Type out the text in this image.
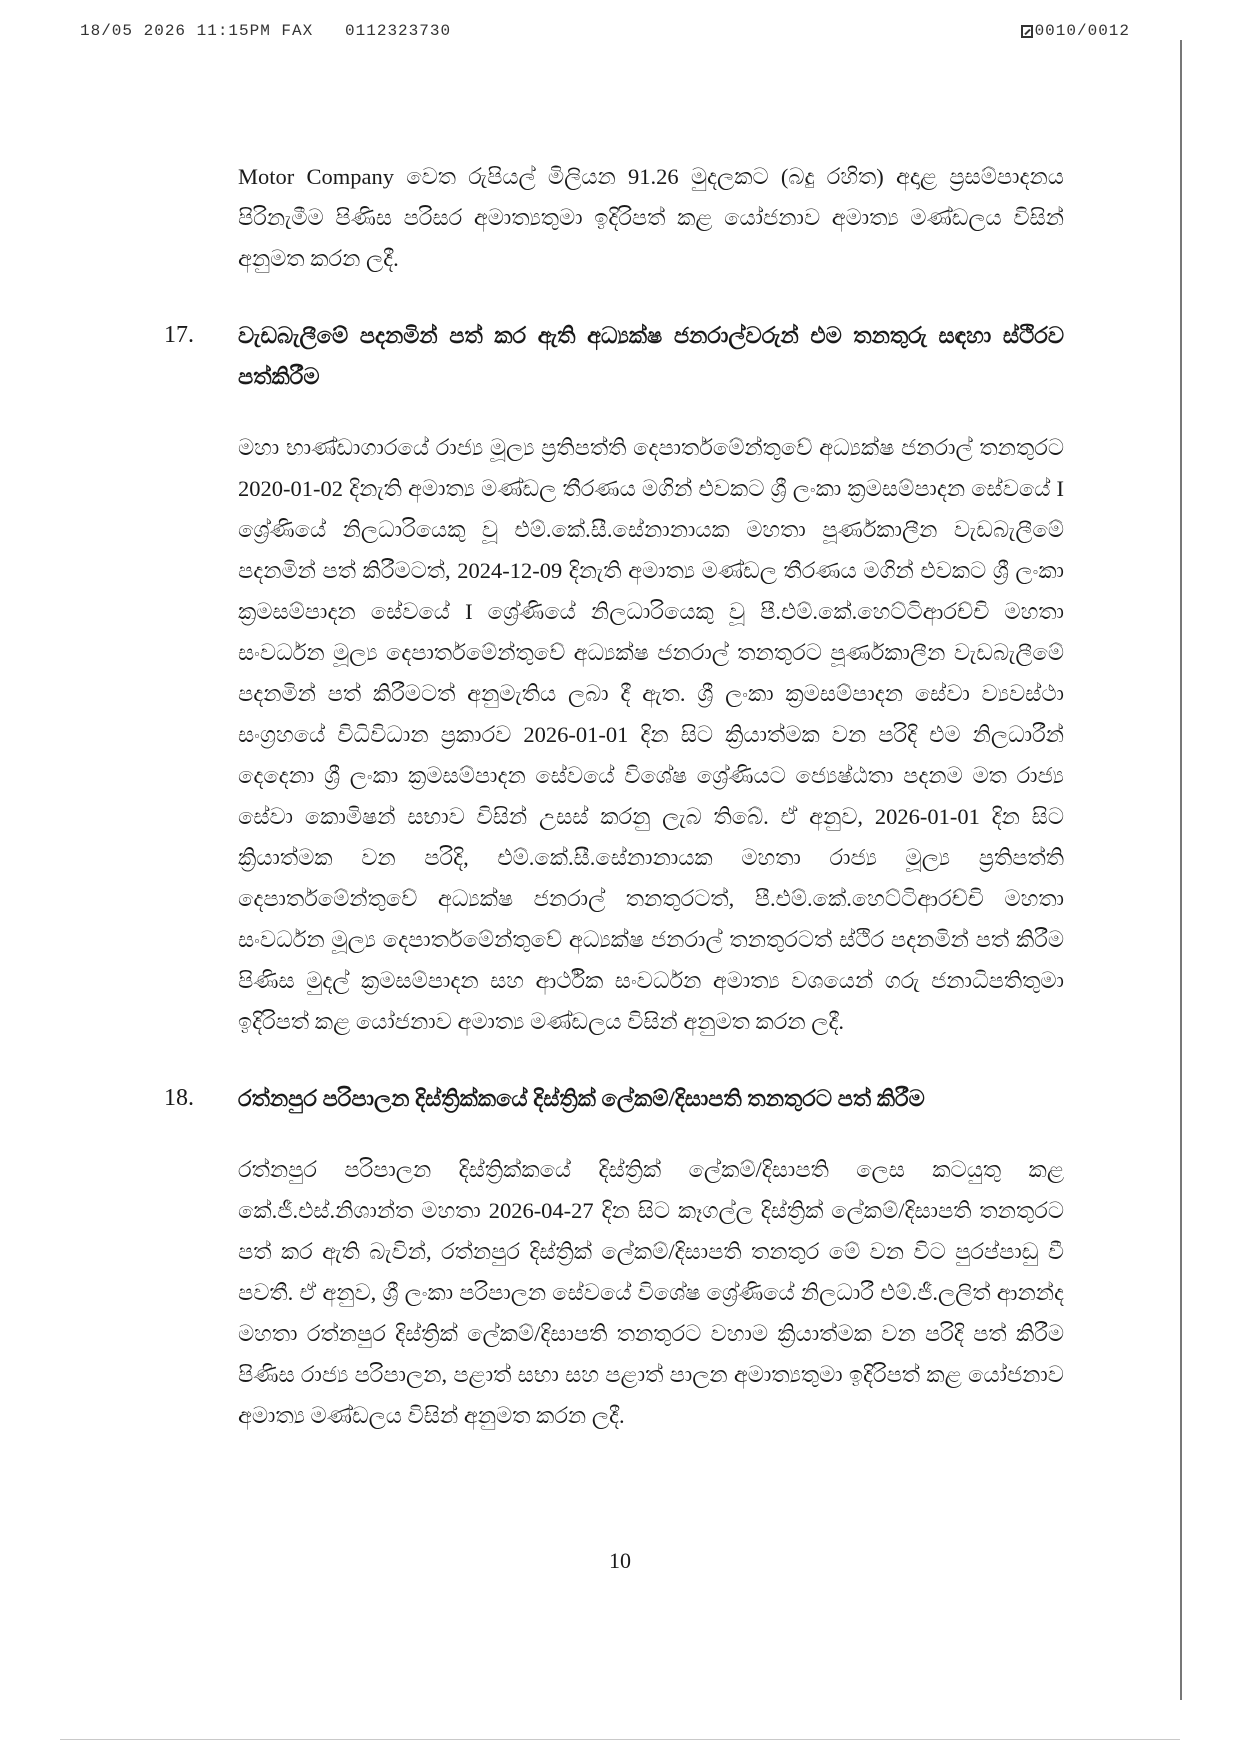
18/05 2026 11:15PM FAX   0112323730	0010/0012

Motor Company වෙත රුපියල් මිලියන 91.26 මුදලකට (බදු රහිත) අදාළ ප්‍රසම්පාදනය පිරිනැමීම පිණිස පරිසර අමාත්‍යතුමා ඉදිරිපත් කළ යෝජනාව අමාත්‍ය මණ්ඩලය විසින් අනුමත කරන ලදී.

17. වැඩබැලීමේ පදනමින් පත් කර ඇති අධ්‍යක්ෂ ජනරාල්වරුන් එම තනතුරු සඳහා ස්ථිරව පත්කිරීම

මහා භාණ්ඩාගාරයේ රාජ්‍ය මූල්‍ය ප්‍රතිපත්ති දෙපාර්තමේන්තුවේ අධ්‍යක්ෂ ජනරාල් තනතුරට 2020-01-02 දිනැති අමාත්‍ය මණ්ඩල තීරණය මගින් එවකට ශ්‍රී ලංකා ක්‍රමසම්පාදන සේවයේ I ශ්‍රේණියේ නිලධාරියෙකු වූ එම්.කේ.සී.සේනානායක මහතා පූර්ණකාලීන වැඩබැලීමේ පදනමින් පත් කිරීමටත්, 2024-12-09 දිනැති අමාත්‍ය මණ්ඩල තීරණය මගින් එවකට ශ්‍රී ලංකා ක්‍රමසම්පාදන සේවයේ I ශ්‍රේණියේ නිලධාරියෙකු වූ පී.එම්.කේ.හෙට්ටිආරච්චි මහතා සංවර්ධන මූල්‍ය දෙපාර්තමේන්තුවේ අධ්‍යක්ෂ ජනරාල් තනතුරට පූර්ණකාලීන වැඩබැලීමේ පදනමින් පත් කිරීමටත් අනුමැතිය ලබා දී ඇත. ශ්‍රී ලංකා ක්‍රමසම්පාදන සේවා ව්‍යවස්ථා සංග්‍රහයේ විධිවිධාන ප්‍රකාරව 2026-01-01 දින සිට ක්‍රියාත්මක වන පරිදි එම නිලධාරීන් දෙදෙනා ශ්‍රී ලංකා ක්‍රමසම්පාදන සේවයේ විශේෂ ශ්‍රේණියට ජ්‍යෙෂ්ඨතා පදනම මත රාජ්‍ය සේවා කොමිෂන් සභාව විසින් උසස් කරනු ලැබ තිබේ. ඒ අනුව, 2026-01-01 දින සිට ක්‍රියාත්මක වන පරිදි, එම්.කේ.සී.සේනානායක මහතා රාජ්‍ය මූල්‍ය ප්‍රතිපත්ති දෙපාර්තමේන්තුවේ අධ්‍යක්ෂ ජනරාල් තනතුරටත්, පී.එම්.කේ.හෙට්ටිආරච්චි මහතා සංවර්ධන මූල්‍ය දෙපාර්තමේන්තුවේ අධ්‍යක්ෂ ජනරාල් තනතුරටත් ස්ථිර පදනමින් පත් කිරීම පිණිස මුදල් ක්‍රමසම්පාදන සහ ආර්ථික සංවර්ධන අමාත්‍ය වශයෙන් ගරු ජනාධිපතිතුමා ඉදිරිපත් කළ යෝජනාව අමාත්‍ය මණ්ඩලය විසින් අනුමත කරන ලදී.

18. රත්නපුර පරිපාලන දිස්ත්‍රික්කයේ දිස්ත්‍රික් ලේකම්/දිසාපති තනතුරට පත් කිරීම

රත්නපුර පරිපාලන දිස්ත්‍රික්කයේ දිස්ත්‍රික් ලේකම්/දිසාපති ලෙස කටයුතු කළ කේ.ජී.එස්.නිශාන්ත මහතා 2026-04-27 දින සිට කෑගල්ල දිස්ත්‍රික් ලේකම්/දිසාපති තනතුරට පත් කර ඇති බැවින්, රත්නපුර දිස්ත්‍රික් ලේකම්/දිසාපති තනතුර මේ වන විට පුරප්පාඩු වී පවතී. ඒ අනුව, ශ්‍රී ලංකා පරිපාලන සේවයේ විශේෂ ශ්‍රේණියේ නිලධාරී එම්.ජී.ලලිත් ආනන්ද මහතා රත්නපුර දිස්ත්‍රික් ලේකම්/දිසාපති තනතුරට වහාම ක්‍රියාත්මක වන පරිදි පත් කිරීම පිණිස රාජ්‍ය පරිපාලන, පළාත් සභා සහ පළාත් පාලන අමාත්‍යතුමා ඉදිරිපත් කළ යෝජනාව අමාත්‍ය මණ්ඩලය විසින් අනුමත කරන ලදී.

10
